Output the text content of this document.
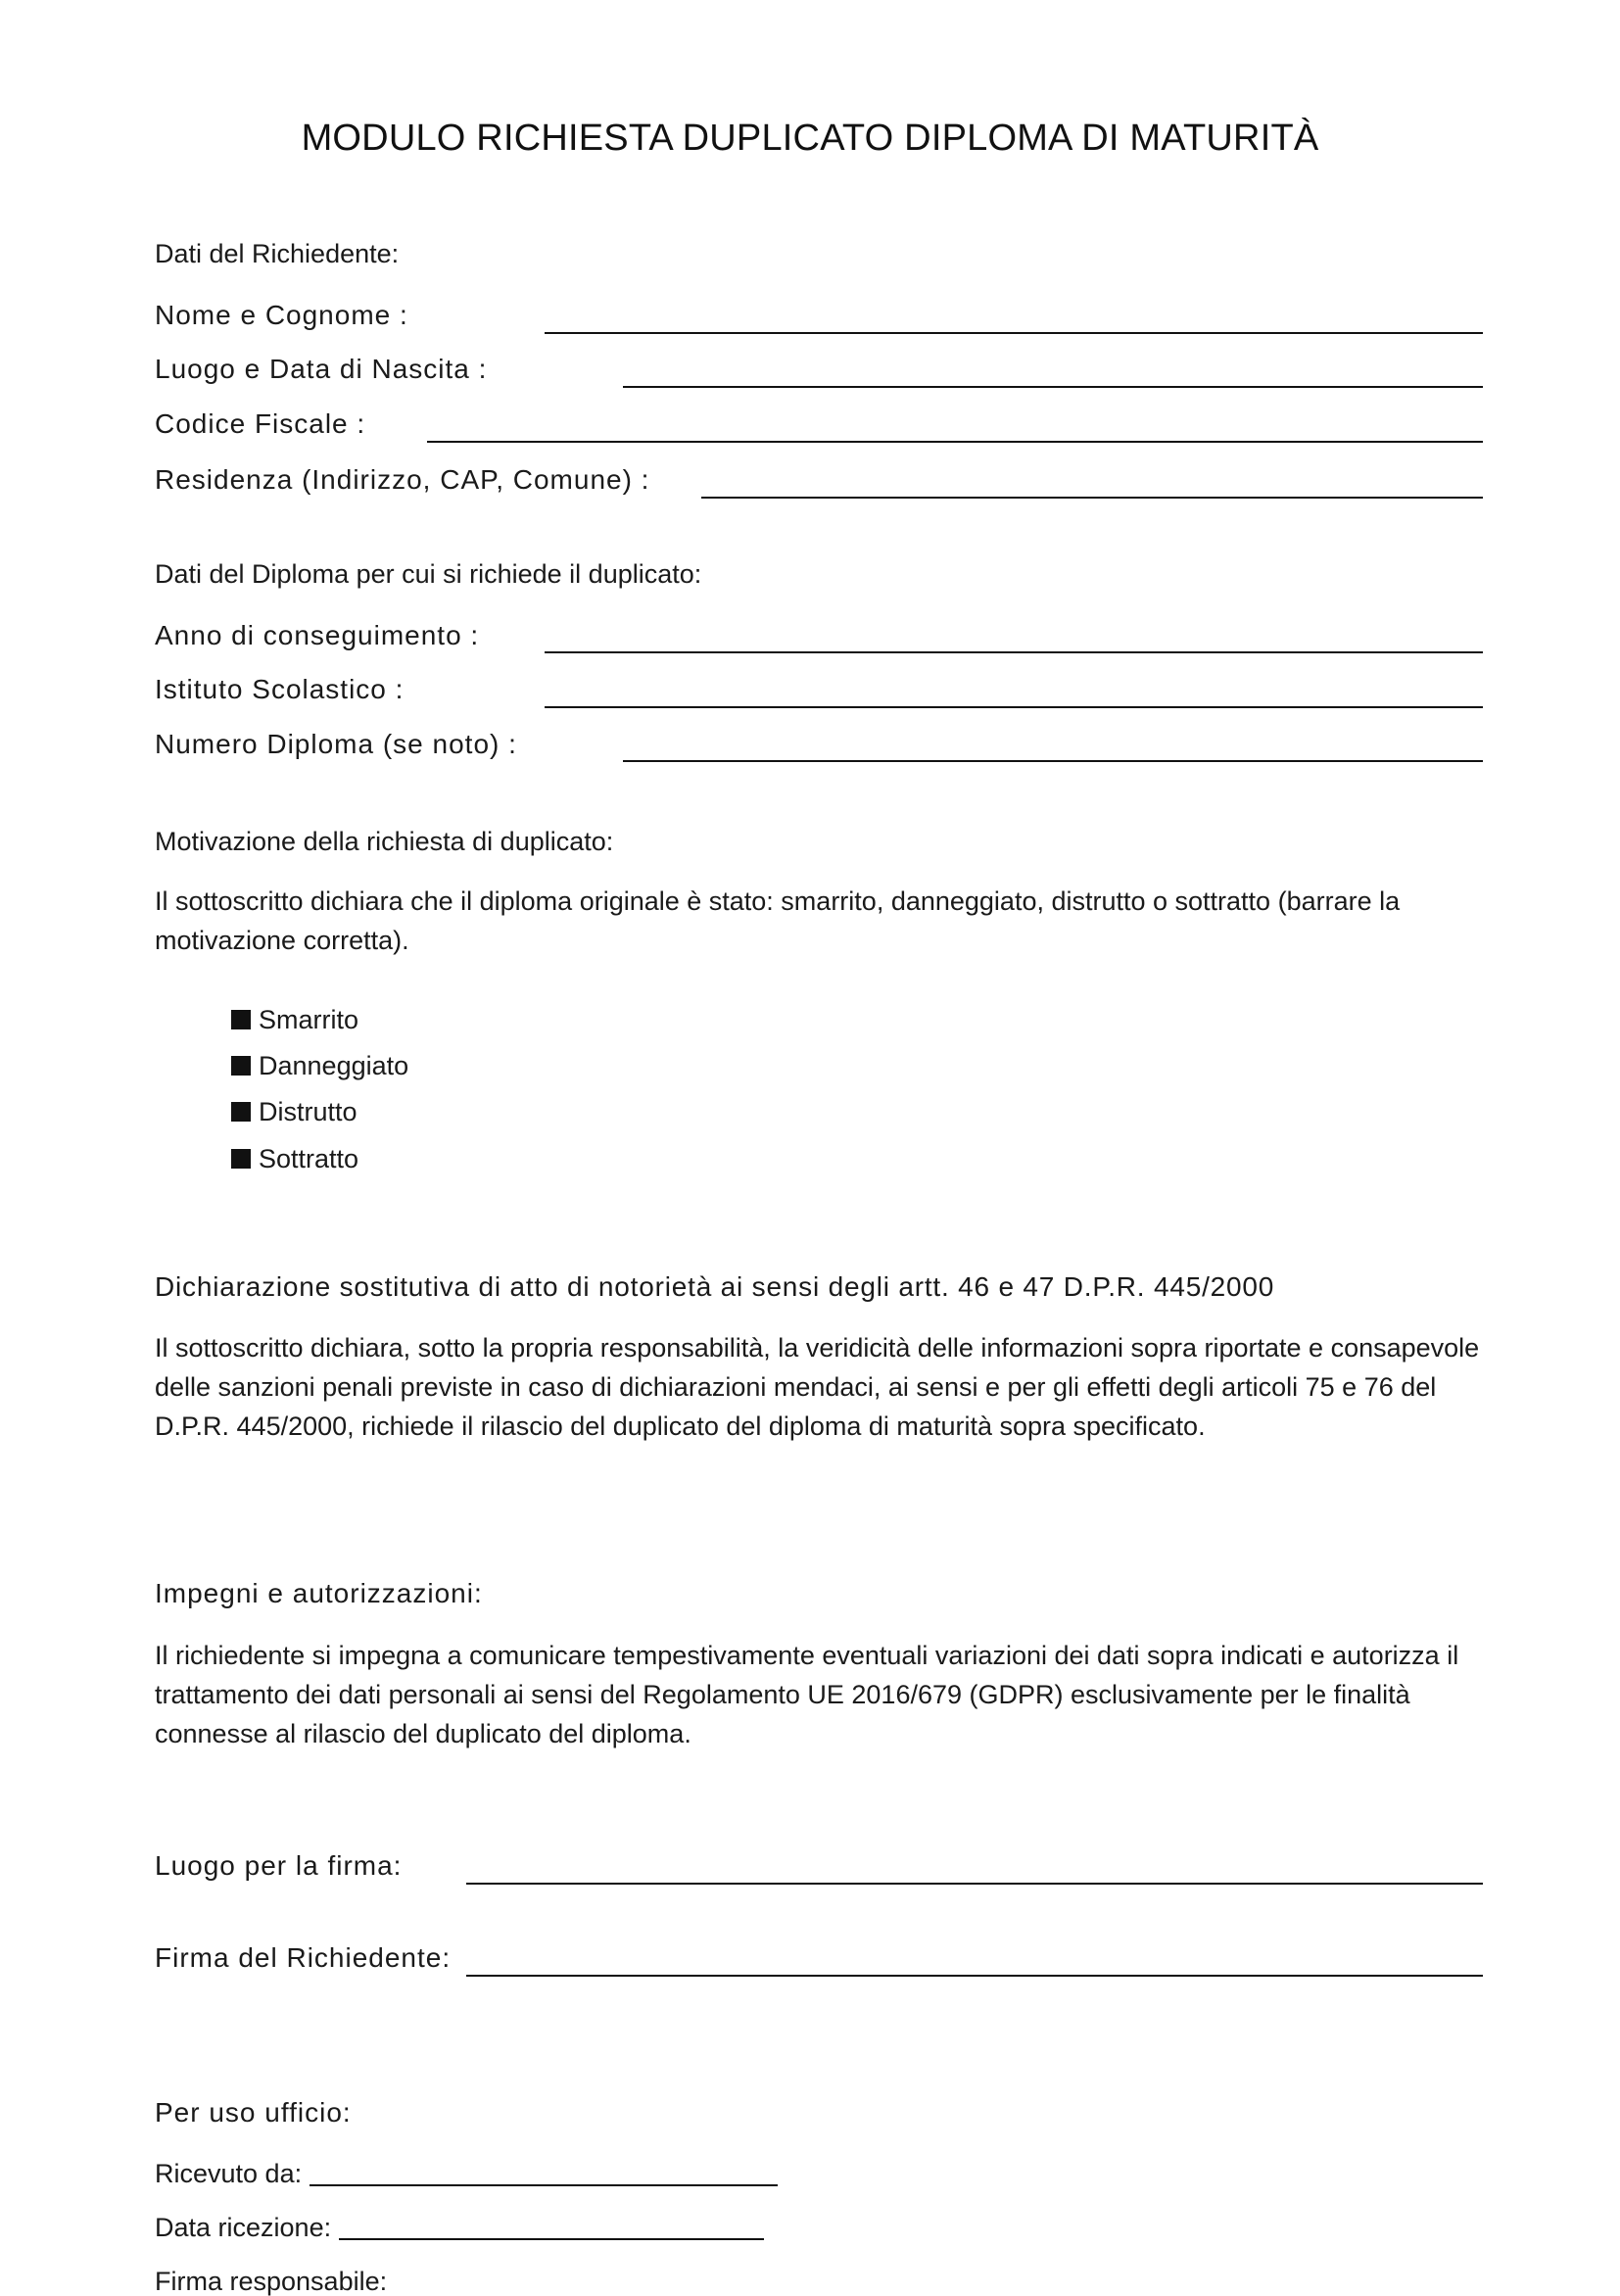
MODULO RICHIESTA DUPLICATO DIPLOMA DI MATURITÀ
Dati del Richiedente:
Nome e Cognome :
Luogo e Data di Nascita :
Codice Fiscale :
Residenza (Indirizzo, CAP, Comune) :
Dati del Diploma per cui si richiede il duplicato:
Anno di conseguimento :
Istituto Scolastico :
Numero Diploma (se noto) :
Motivazione della richiesta di duplicato:
Il sottoscritto dichiara che il diploma originale è stato: smarrito, danneggiato, distrutto o sottratto (barrare la motivazione corretta).
Smarrito
Danneggiato
Distrutto
Sottratto
Dichiarazione sostitutiva di atto di notorietà ai sensi degli artt. 46 e 47 D.P.R. 445/2000
Il sottoscritto dichiara, sotto la propria responsabilità, la veridicità delle informazioni sopra riportate e consapevole delle sanzioni penali previste in caso di dichiarazioni mendaci, ai sensi e per gli effetti degli articoli 75 e 76 del D.P.R. 445/2000, richiede il rilascio del duplicato del diploma di maturità sopra specificato.
Impegni e autorizzazioni:
Il richiedente si impegna a comunicare tempestivamente eventuali variazioni dei dati sopra indicati e autorizza il trattamento dei dati personali ai sensi del Regolamento UE 2016/679 (GDPR) esclusivamente per le finalità connesse al rilascio del duplicato del diploma.
Luogo per la firma:
Firma del Richiedente:
Per uso ufficio:
Ricevuto da:
Data ricezione:
Firma responsabile:
